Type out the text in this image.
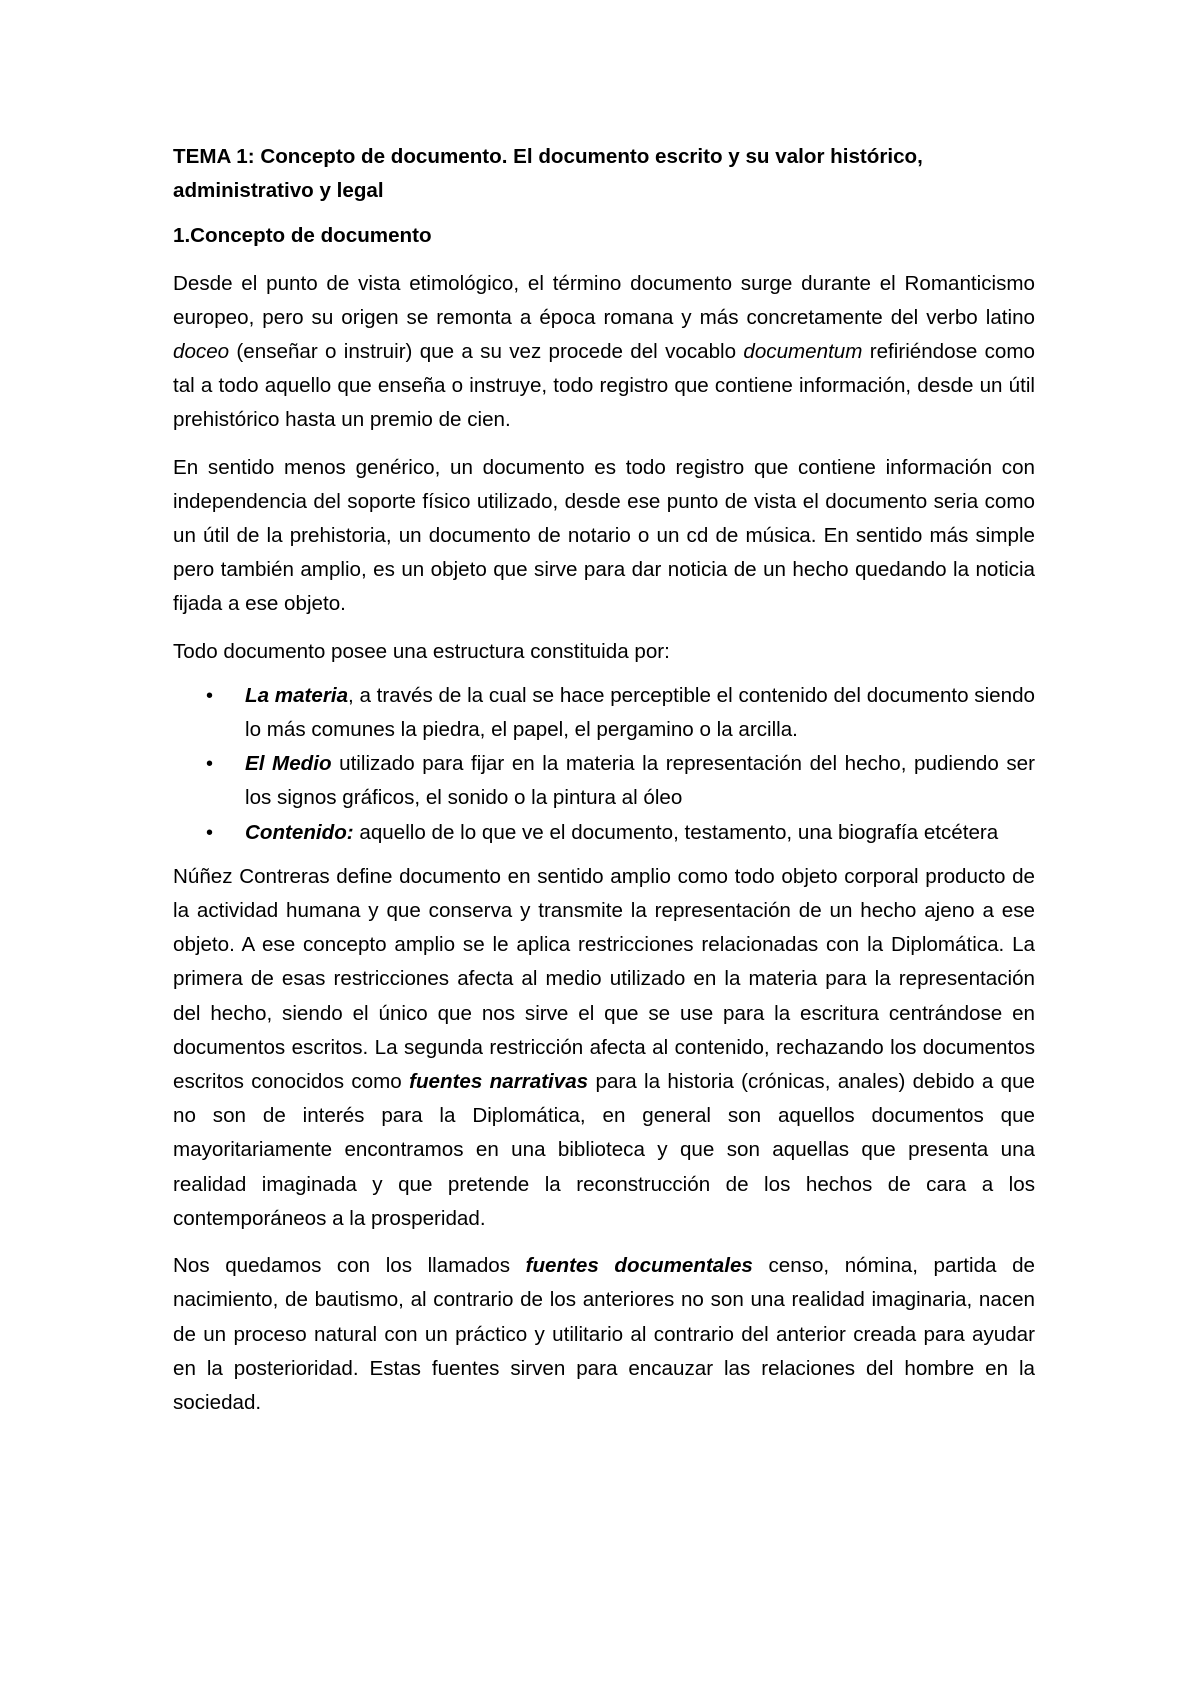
TEMA 1: Concepto de documento. El documento escrito y su valor histórico, administrativo y legal

1.Concepto de documento

Desde el punto de vista etimológico, el término documento surge durante el Romanticismo europeo, pero su origen se remonta a época romana y más concretamente del verbo latino doceo (enseñar o instruir) que a su vez procede del vocablo documentum refiriéndose como tal a todo aquello que enseña o instruye, todo registro que contiene información, desde un útil prehistórico hasta un premio de cien.

En sentido menos genérico, un documento es todo registro que contiene información con independencia del soporte físico utilizado, desde ese punto de vista el documento seria como un útil de la prehistoria, un documento de notario o un cd de música. En sentido más simple pero también amplio, es un objeto que sirve para dar noticia de un hecho quedando la noticia fijada a ese objeto.

Todo documento posee una estructura constituida por:

• La materia, a través de la cual se hace perceptible el contenido del documento siendo lo más comunes la piedra, el papel, el pergamino o la arcilla.
• El Medio utilizado para fijar en la materia la representación del hecho, pudiendo ser los signos gráficos, el sonido o la pintura al óleo
• Contenido: aquello de lo que ve el documento, testamento, una biografía etcétera

Núñez Contreras define documento en sentido amplio como todo objeto corporal producto de la actividad humana y que conserva y transmite la representación de un hecho ajeno a ese objeto. A ese concepto amplio se le aplica restricciones relacionadas con la Diplomática. La primera de esas restricciones afecta al medio utilizado en la materia para la representación del hecho, siendo el único que nos sirve el que se use para la escritura centrándose en documentos escritos. La segunda restricción afecta al contenido, rechazando los documentos escritos conocidos como fuentes narrativas para la historia (crónicas, anales) debido a que no son de interés para la Diplomática, en general son aquellos documentos que mayoritariamente encontramos en una biblioteca y que son aquellas que presenta una realidad imaginada y que pretende la reconstrucción de los hechos de cara a los contemporáneos a la prosperidad.

Nos quedamos con los llamados fuentes documentales censo, nómina, partida de nacimiento, de bautismo, al contrario de los anteriores no son una realidad imaginaria, nacen de un proceso natural con un práctico y utilitario al contrario del anterior creada para ayudar en la posterioridad. Estas fuentes sirven para encauzar las relaciones del hombre en la sociedad.
